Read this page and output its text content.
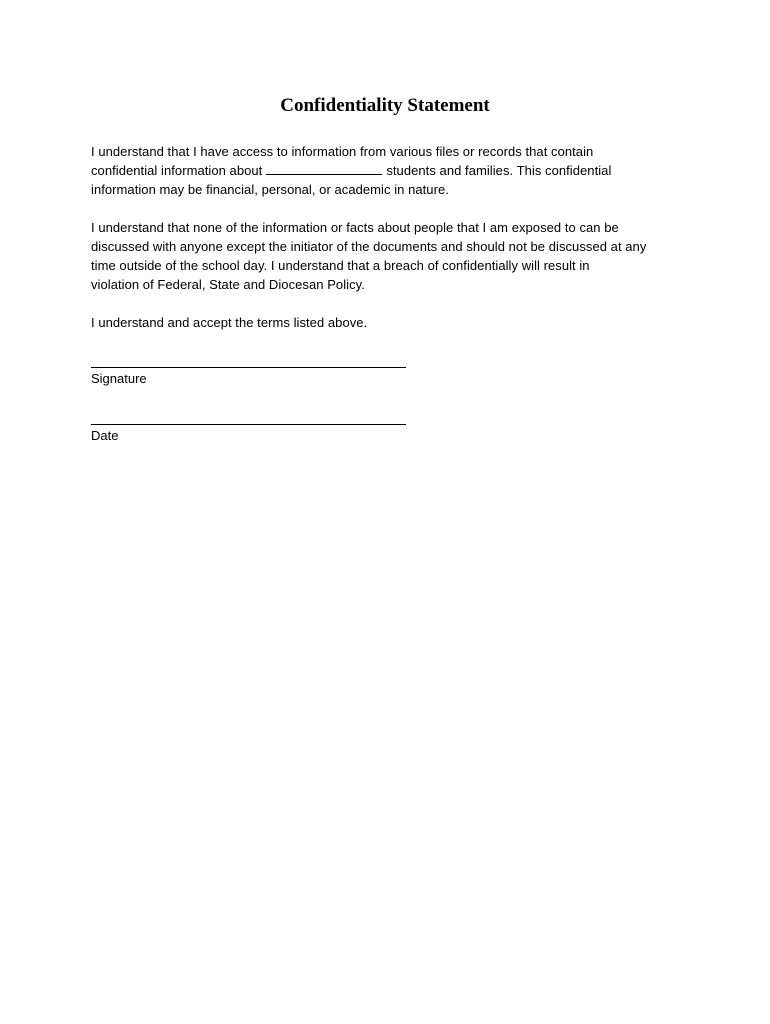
Confidentiality Statement
I understand that I have access to information from various files or records that contain
confidential information about	students and families. This confidential
information may be financial, personal, or academic in nature.
I understand that none of the information or facts about people that I am exposed to can be
discussed with anyone except the initiator of the documents and should not be discussed at any
time outside of the school day. I understand that a breach of confidentially will result in
violation of Federal, State and Diocesan Policy.
I understand and accept the terms listed above.
Signature
Date
